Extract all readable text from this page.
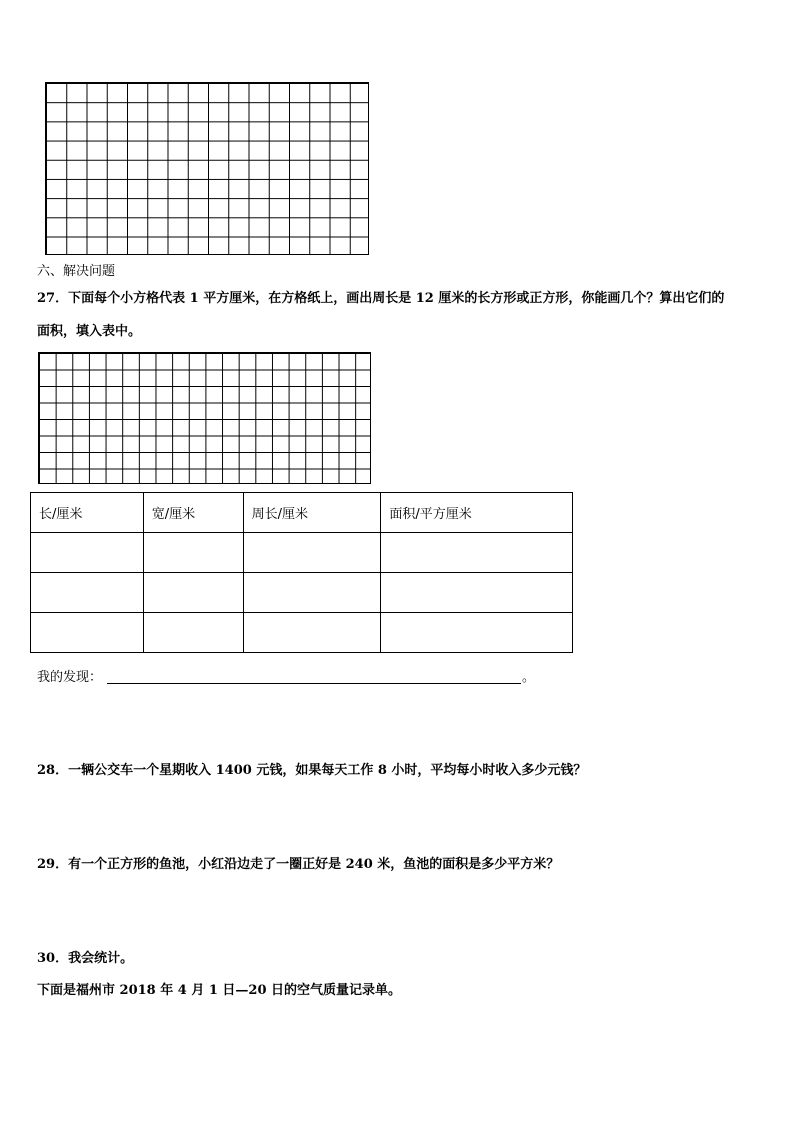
六、解决问题
27．下面每个小方格代表 1 平方厘米，在方格纸上，画出周长是 12 厘米的长方形或正方形，你能画几个？算出它们的
面积，填入表中。
长/厘米	宽/厘米	周长/厘米	面积/平方厘米

我的发现：	。
28．一辆公交车一个星期收入 1400 元钱，如果每天工作 8 小时，平均每小时收入多少元钱？
29．有一个正方形的鱼池，小红沿边走了一圈正好是 240 米，鱼池的面积是多少平方米？
30．我会统计。
下面是福州市 2018 年 4 月 1 日—20 日的空气质量记录单。
